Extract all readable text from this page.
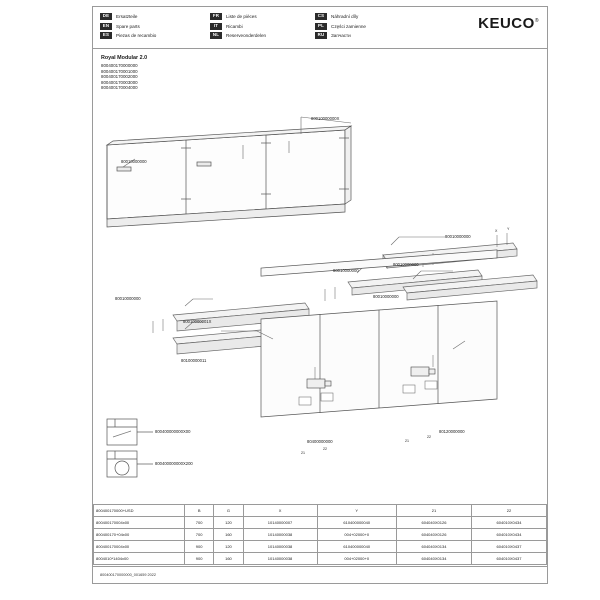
DE	Ersatzteile
EN	Spare parts
ES	Piezas de recambio
FR	Liste de pièces
IT	Ricambi
NL	Reserveonderdelen
CS	Náhradní díly
PL	Części zamienne
RU	Запчасти
KEUCO®
Royal Modular 2.0
800400170000000
800400170001000
800400170002000
800400170003000
800400170004000
80010000000X
80010000000
80010000000
80010000000
80010000000
80010000000
80010000000
80010000001X
80100000011
80120000000
80400000000
800400000000X00
800400000000X200
21
22
21
22
X	Y
800400170000+USD	B	G	X	Y	21	22
800400170004x00	700	120	10140000007	610400000040	604040X0126	604010X0434
800400170+04x00	700	160	10140000038	004+02000+0	604040X0126	604010X0434
800400170004x00	900	120	10140000038	610400000040	604040X0134	604010X0437
8004010*1404x00	900	160	10140000038	004+02000+0	604040X0134	604010X0437
800400170000000_001659 2022
